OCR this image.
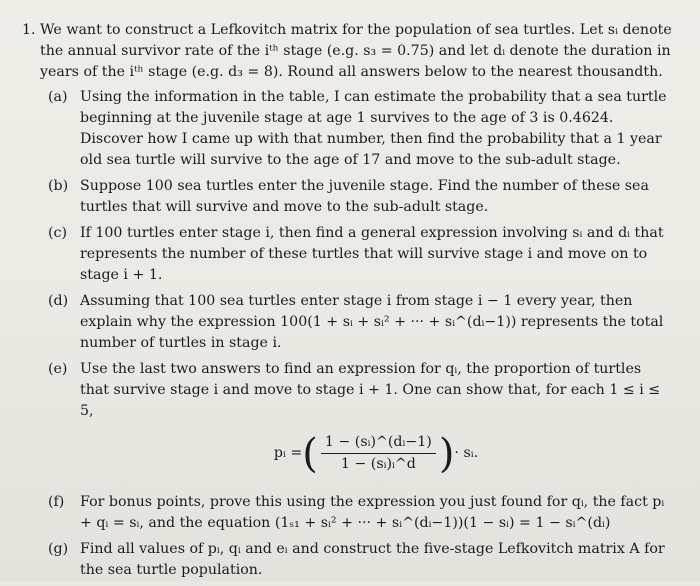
1. We want to construct a Lefkovitch matrix for the population of sea turtles. Let sᵢ denote the annual survivor rate of the iᵗʰ stage (e.g. s₃ = 0.75) and let dᵢ denote the duration in years of the iᵗʰ stage (e.g. d₃ = 8). Round all answers below to the nearest thousandth.

(a) Using the information in the table, I can estimate the probability that a sea turtle beginning at the juvenile stage at age 1 survives to the age of 3 is 0.4624. Discover how I came up with that number, then find the probability that a 1 year old sea turtle will survive to the age of 17 and move to the sub-adult stage.
(b) Suppose 100 sea turtles enter the juvenile stage. Find the number of these sea turtles that will survive and move to the sub-adult stage.
(c) If 100 turtles enter stage i, then find a general expression involving sᵢ and dᵢ that represents the number of these turtles that will survive stage i and move on to stage i + 1.
(d) Assuming that 100 sea turtles enter stage i from stage i − 1 every year, then explain why the expression 100(1 + sᵢ + sᵢ² + ··· + sᵢ^(dᵢ−1)) represents the total number of turtles in stage i.
(e) Use the last two answers to find an expression for qᵢ, the proportion of turtles that survive stage i and move to stage i + 1. One can show that, for each 1 ≤ i ≤ 5,
pᵢ = ( $\frac{\text{1 − (sᵢ)\textasciicircum{}(dᵢ−1)}}{\text{1 − (sᵢ)ᵢ\textasciicircum{}d}}$ ) · sᵢ.
(f)	For bonus points, prove this using the expression you just found for qᵢ, the fact pᵢ + qᵢ = sᵢ, and the equation (1ₛ₁ + sᵢ² + ··· + sᵢ^(dᵢ−1))(1 − sᵢ) = 1 − sᵢ^(dᵢ)
(g) Find all values of pᵢ, qᵢ and eᵢ and construct the five-stage Lefkovitch matrix A for the sea turtle population.
